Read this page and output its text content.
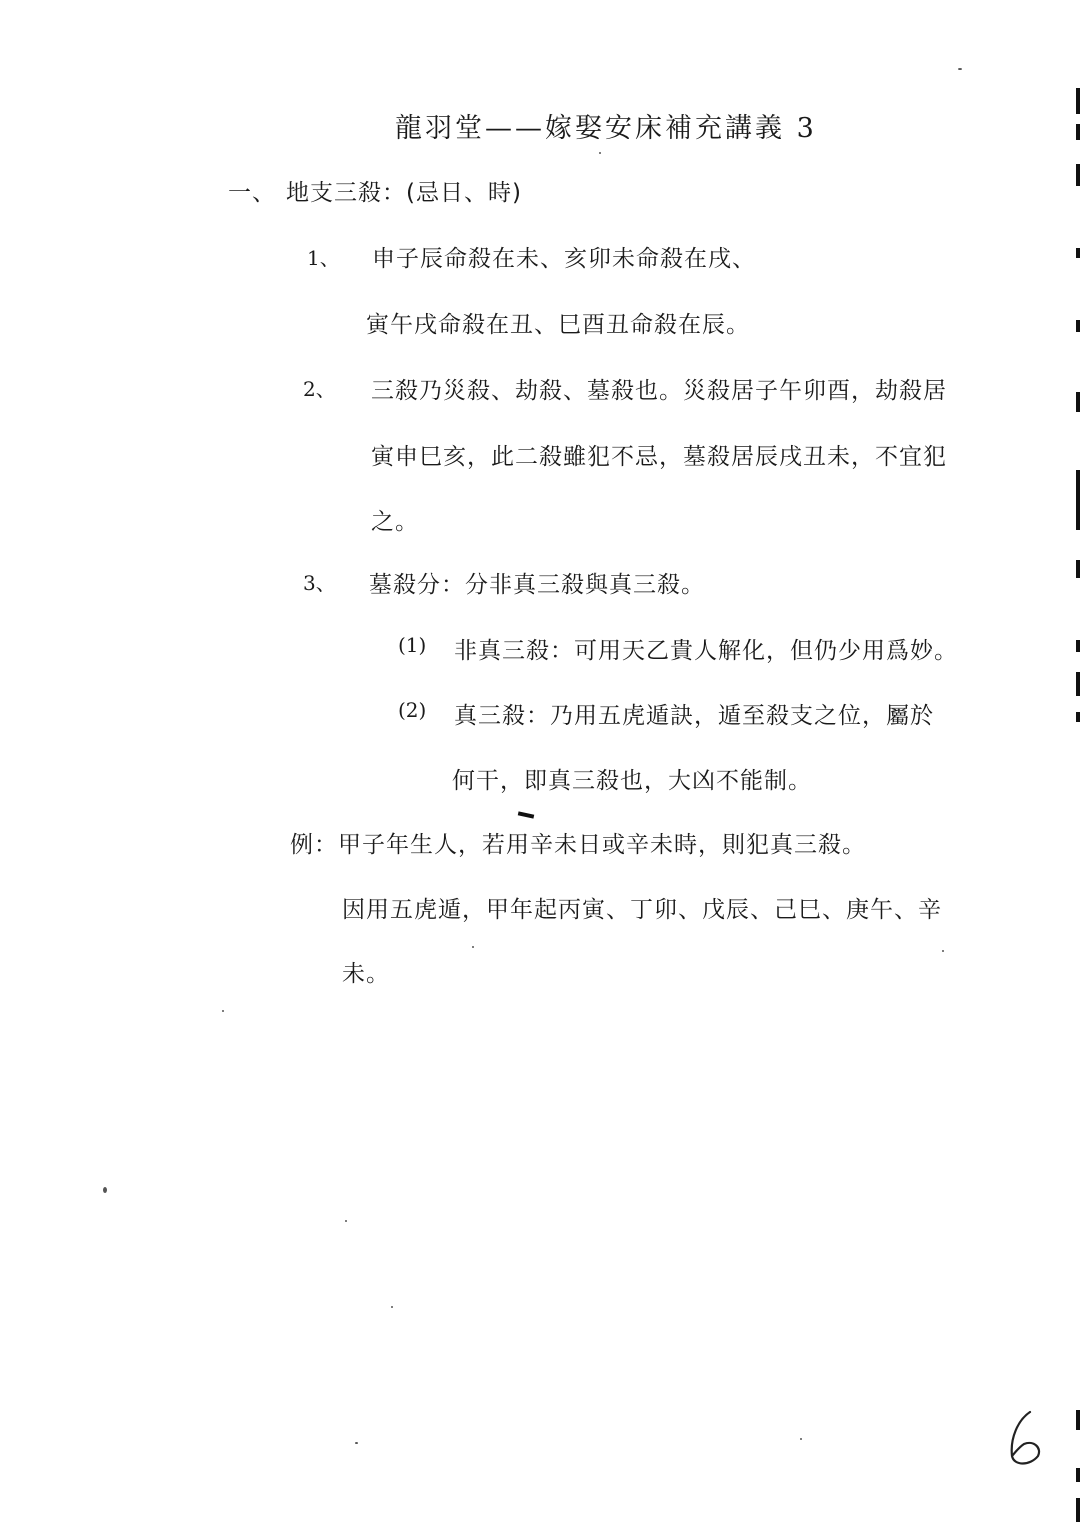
龍羽堂——嫁娶安床補充講義 3
一、 地支三殺：(忌日、時)
1、 申子辰命殺在未、亥卯未命殺在戌、
寅午戌命殺在丑、巳酉丑命殺在辰。
2、 三殺乃災殺、劫殺、墓殺也。災殺居子午卯酉，劫殺居
寅申巳亥，此二殺雖犯不忌，墓殺居辰戌丑未，不宜犯
之。
3、 墓殺分：分非真三殺與真三殺。
(1) 非真三殺：可用天乙貴人解化，但仍少用爲妙。
(2) 真三殺：乃用五虎遁訣，遁至殺支之位，屬於
何干，即真三殺也，大凶不能制。
例：甲子年生人，若用辛未日或辛未時，則犯真三殺。
因用五虎遁，甲年起丙寅、丁卯、戊辰、己巳、庚午、辛
未。
